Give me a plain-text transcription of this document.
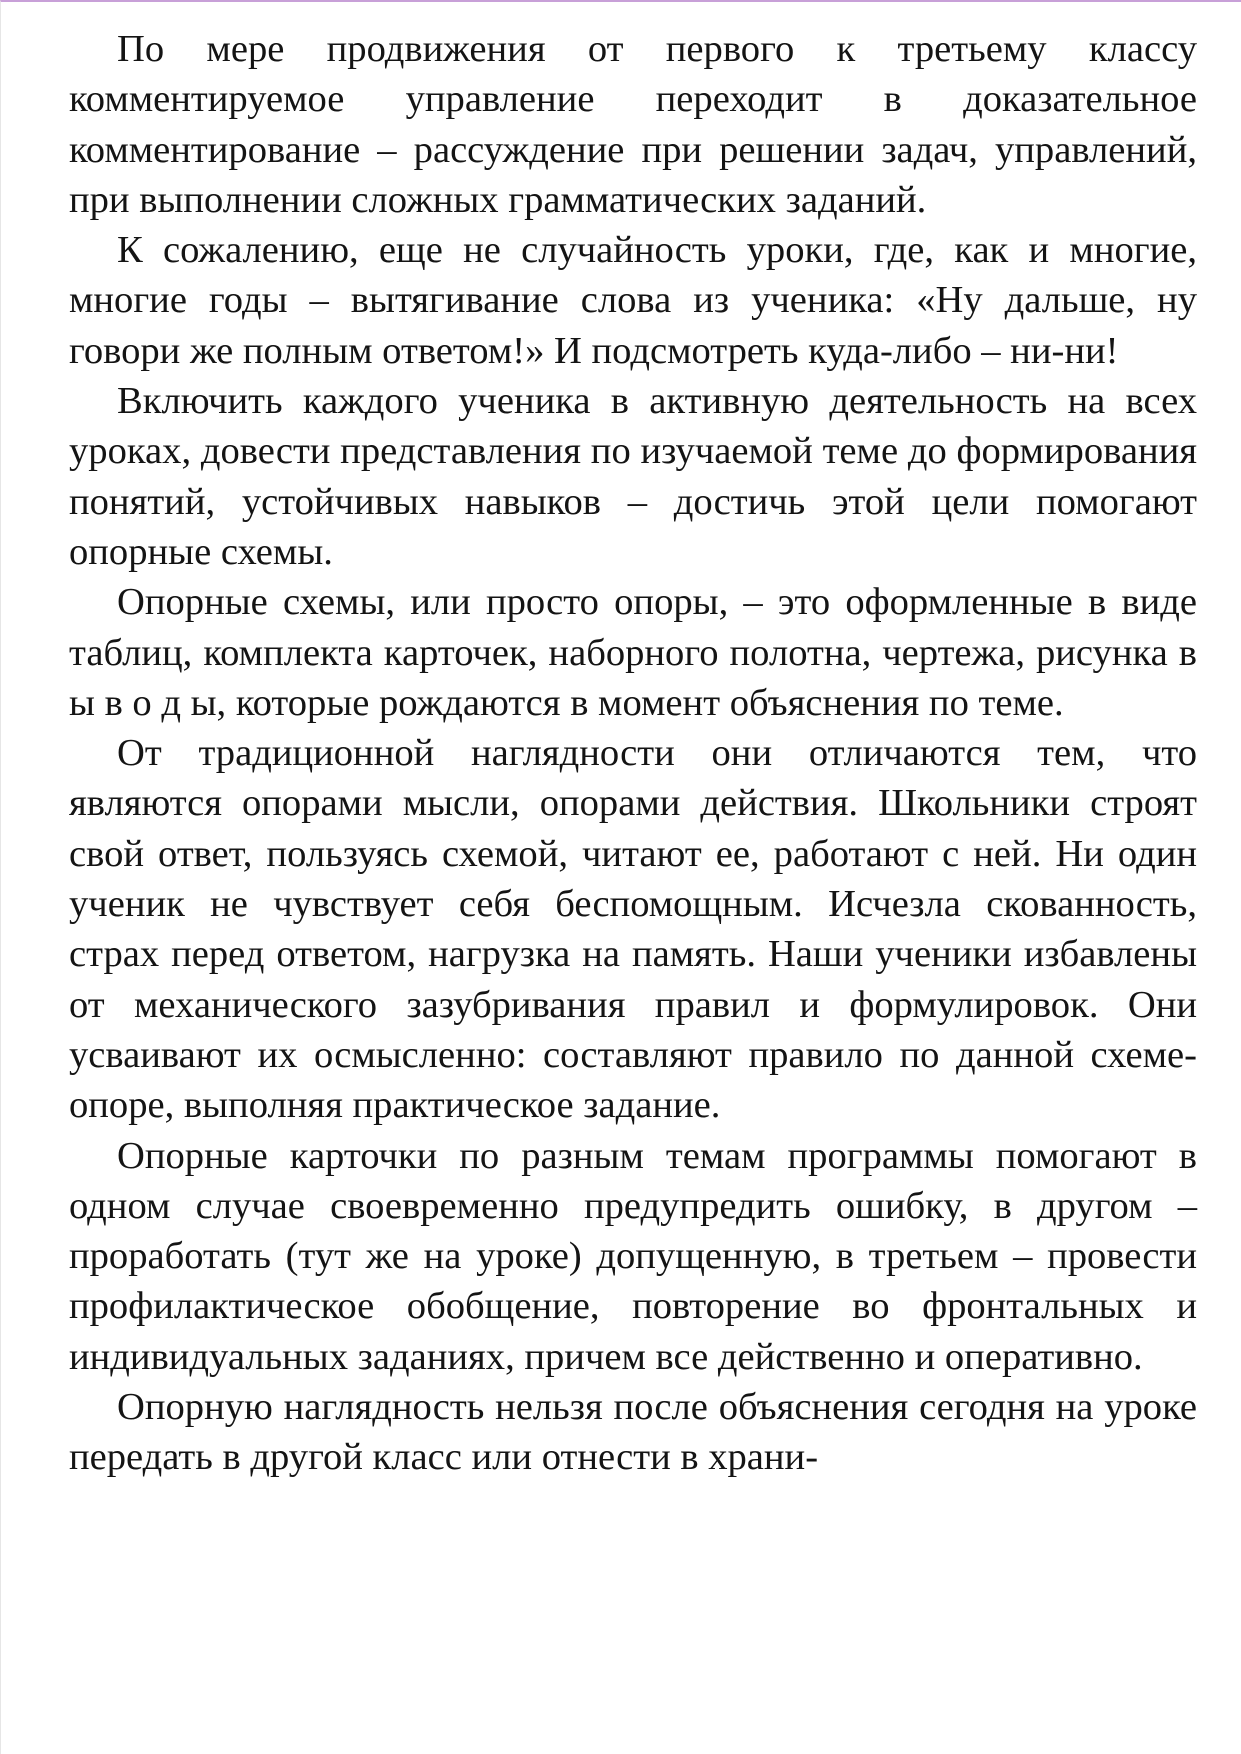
По мере продвижения от первого к третьему классу комментируемое управление переходит в доказательное комментирование – рассуждение при решении задач, управлений, при выполнении сложных грамматических заданий.

К сожалению, еще не случайность уроки, где, как и многие, многие годы – вытягивание слова из ученика: «Ну дальше, ну говори же полным ответом!» И подсмотреть куда-либо – ни-ни!

Включить каждого ученика в активную деятельность на всех уроках, довести представления по изучаемой теме до формирования понятий, устойчивых навыков – достичь этой цели помогают опорные схемы.

Опорные схемы, или просто опоры, – это оформленные в виде таблиц, комплекта карточек, наборного полотна, чертежа, рисунка в ы в о д ы, которые рождаются в момент объяснения по теме.

От традиционной наглядности они отличаются тем, что являются опорами мысли, опорами действия. Школьники строят свой ответ, пользуясь схемой, читают ее, работают с ней. Ни один ученик не чувствует себя беспомощным. Исчезла скованность, страх перед ответом, нагрузка на память. Наши ученики избавлены от механического зазубривания правил и формулировок. Они усваивают их осмысленно: составляют правило по данной схеме-опоре, выполняя практическое задание.

Опорные карточки по разным темам программы помогают в одном случае своевременно предупредить ошибку, в другом – проработать (тут же на уроке) допущенную, в третьем – провести профилактическое обобщение, повторение во фронтальных и индивидуальных заданиях, причем все действенно и оперативно.

Опорную наглядность нельзя после объяснения сегодня на уроке передать в другой класс или отнести в храни-
